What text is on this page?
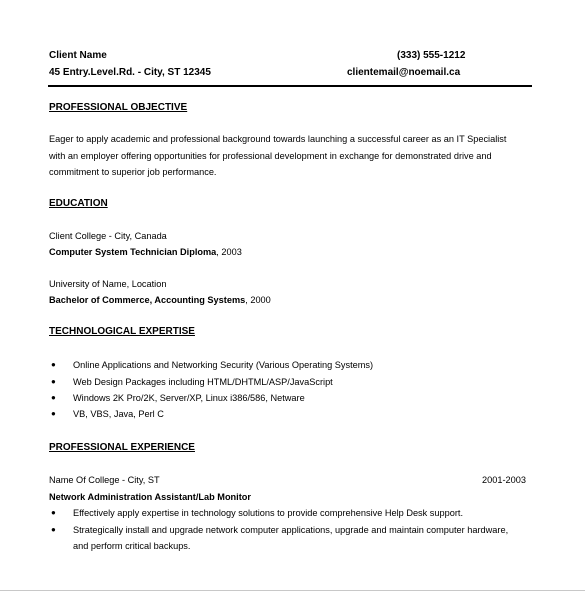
Client Name	(333) 555-1212
45 Entry.Level.Rd. - City, ST 12345	clientemail@noemail.ca
PROFESSIONAL OBJECTIVE
Eager to apply academic and professional background towards launching a successful career as an IT Specialist
with an employer offering opportunities for professional development in exchange for demonstrated drive and
commitment to superior job performance.
EDUCATION
Client College - City, Canada
Computer System Technician Diploma, 2003
University of Name, Location
Bachelor of Commerce, Accounting Systems, 2000
TECHNOLOGICAL EXPERTISE
● Online Applications and Networking Security (Various Operating Systems)
● Web Design Packages including HTML/DHTML/ASP/JavaScript
● Windows 2K Pro/2K, Server/XP, Linux i386/586, Netware
● VB, VBS, Java, Perl C
PROFESSIONAL EXPERIENCE
Name Of College - City, ST	2001-2003
Network Administration Assistant/Lab Monitor
● Effectively apply expertise in technology solutions to provide comprehensive Help Desk support.
● Strategically install and upgrade network computer applications, upgrade and maintain computer hardware,
and perform critical backups.
